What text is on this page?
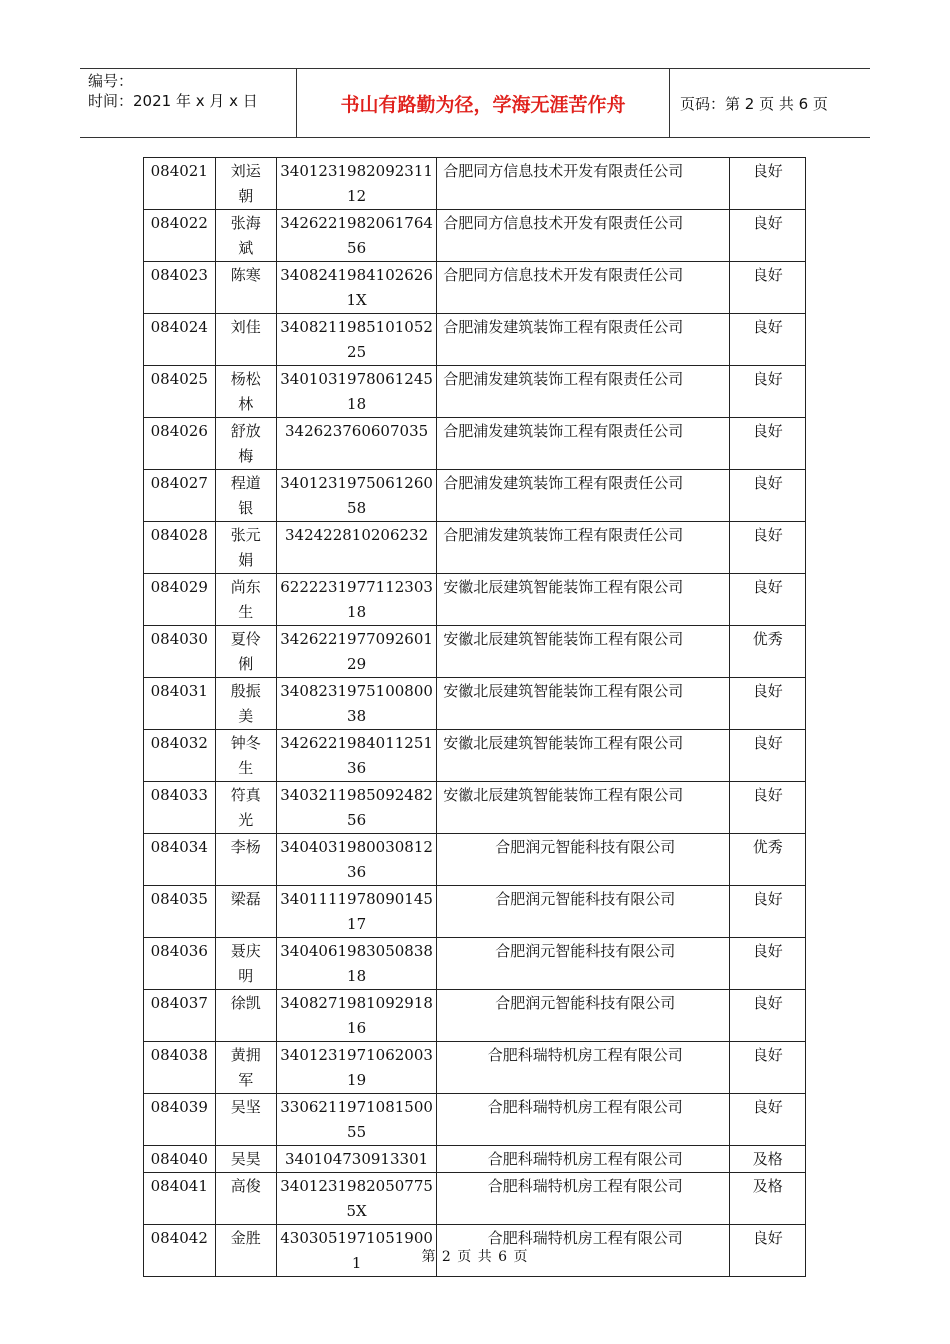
编号：
时间：2021 年 x 月 x 日	书山有路勤为径，学海无涯苦作舟	页码：第 2 页 共 6 页
084021	刘运朝	340123198209231112	合肥同方信息技术开发有限责任公司	良好
084022	张海斌	342622198206176456	合肥同方信息技术开发有限责任公司	良好
084023	陈寒	34082419841026261X	合肥同方信息技术开发有限责任公司	良好
084024	刘佳	340821198510105225	合肥浦发建筑装饰工程有限责任公司	良好
084025	杨松林	340103197806124518	合肥浦发建筑装饰工程有限责任公司	良好
084026	舒放梅	342623760607035	合肥浦发建筑装饰工程有限责任公司	良好
084027	程道银	340123197506126058	合肥浦发建筑装饰工程有限责任公司	良好
084028	张元娟	342422810206232	合肥浦发建筑装饰工程有限责任公司	良好
084029	尚东生	622223197711230318	安徽北辰建筑智能装饰工程有限公司	良好
084030	夏伶俐	342622197709260129	安徽北辰建筑智能装饰工程有限公司	优秀
084031	殷振美	340823197510080038	安徽北辰建筑智能装饰工程有限公司	良好
084032	钟冬生	342622198401125136	安徽北辰建筑智能装饰工程有限公司	良好
084033	符真光	340321198509248256	安徽北辰建筑智能装饰工程有限公司	良好
084034	李杨	340403198003081236	合肥润元智能科技有限公司	优秀
084035	梁磊	340111197809014517	合肥润元智能科技有限公司	良好
084036	聂庆明	340406198305083818	合肥润元智能科技有限公司	良好
084037	徐凯	340827198109291816	合肥润元智能科技有限公司	良好
084038	黄拥军	340123197106200319	合肥科瑞特机房工程有限公司	良好
084039	吴坚	330621197108150055	合肥科瑞特机房工程有限公司	良好
084040	吴昊	340104730913301	合肥科瑞特机房工程有限公司	及格
084041	高俊	34012319820507755X	合肥科瑞特机房工程有限公司	及格
084042	金胜	43030519710519001	合肥科瑞特机房工程有限公司	良好
第 2 页 共 6 页
